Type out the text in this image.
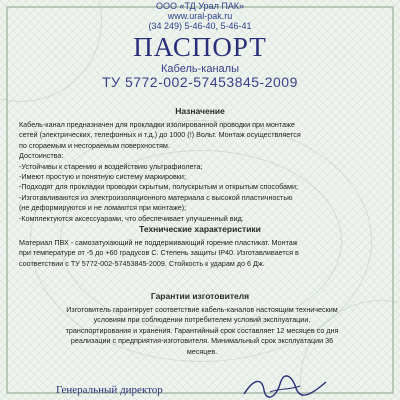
ООО «ТД Урал ПАК»
www.ural-pak.ru
(34 249) 5-46-40, 5-46-41
ПАСПОРТ
Кабель-каналы
ТУ 5772-002-57453845-2009
Назначение
Кабель-канал предназначен для прокладки изолированной проводки при монтаже
сетей (электрических, телефонных и т.д.) до 1000 (!) Вольт. Монтаж осуществляется
по сгораемым и несгораемым поверхностям.
Достоинства:
-Устойчивы к старению и воздействию ультрафиолета;
-Имеют простую и понятную систему маркировки;
-Подходят для прокладки проводки скрытым, полускрытым и открытым способами;
-Изготавливаются из электроизоляционного материала с высокой пластичностью
(не деформируются и не ломаются при монтаже);
-Комплектуются аксессуарами, что обеспечивает улучшенный вид.
Технические характеристики
Материал ПВХ - самозатухающий не поддерживающий горение пластикат. Монтаж
при температуре от -5 до +60 градусов С. Степень защиты IP40. Изготавливается в
соответствии с ТУ 5772-002-57453845-2009. Стойкость к ударам до 6 Дж.
Гарантии изготовителя
Изготовитель гарантирует соответствие кабель-каналов настоящим техническим
условиям при соблюдении потребителем условий эксплуатации,
транспортирования и хранения. Гарантийный срок составляет 12 месяцев со дня
реализации с предприятия-изготовителя. Минимальный срок эксплуатации 36
месяцев.
Генеральный директор
